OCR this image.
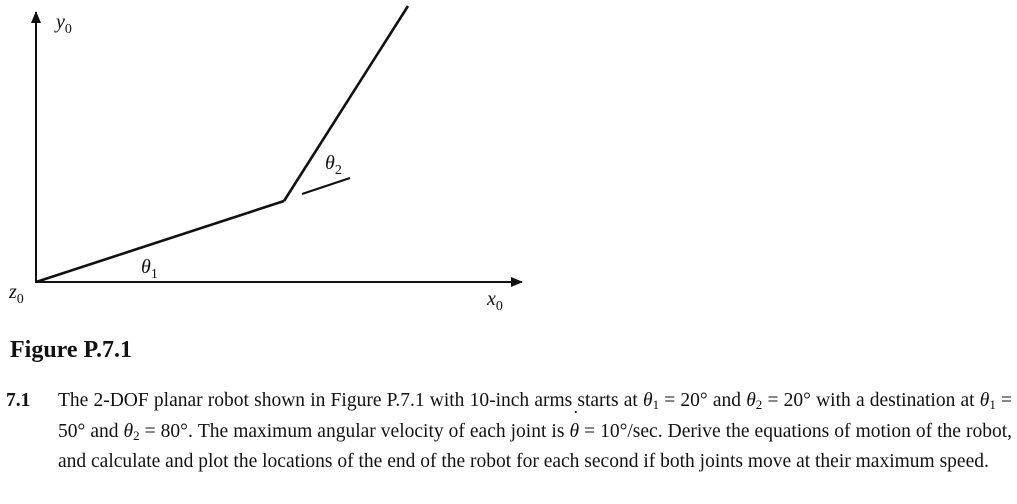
$y_0$
$z_0$	$x_0$
$\theta_1$
$\theta_2$
Figure P.7.1
7.1 The 2-DOF planar robot shown in Figure P.7.1 with 10-inch arms starts at θ1 = 20° and θ2 = 20° with a destination at θ1 = 50° and θ2 = 80°. The maximum angular velocity of each joint is ˙ θ = 10°/sec. Derive the equations of motion of the robot, and calculate and plot the locations of the end of the robot for each second if both joints move at their maximum speed.
